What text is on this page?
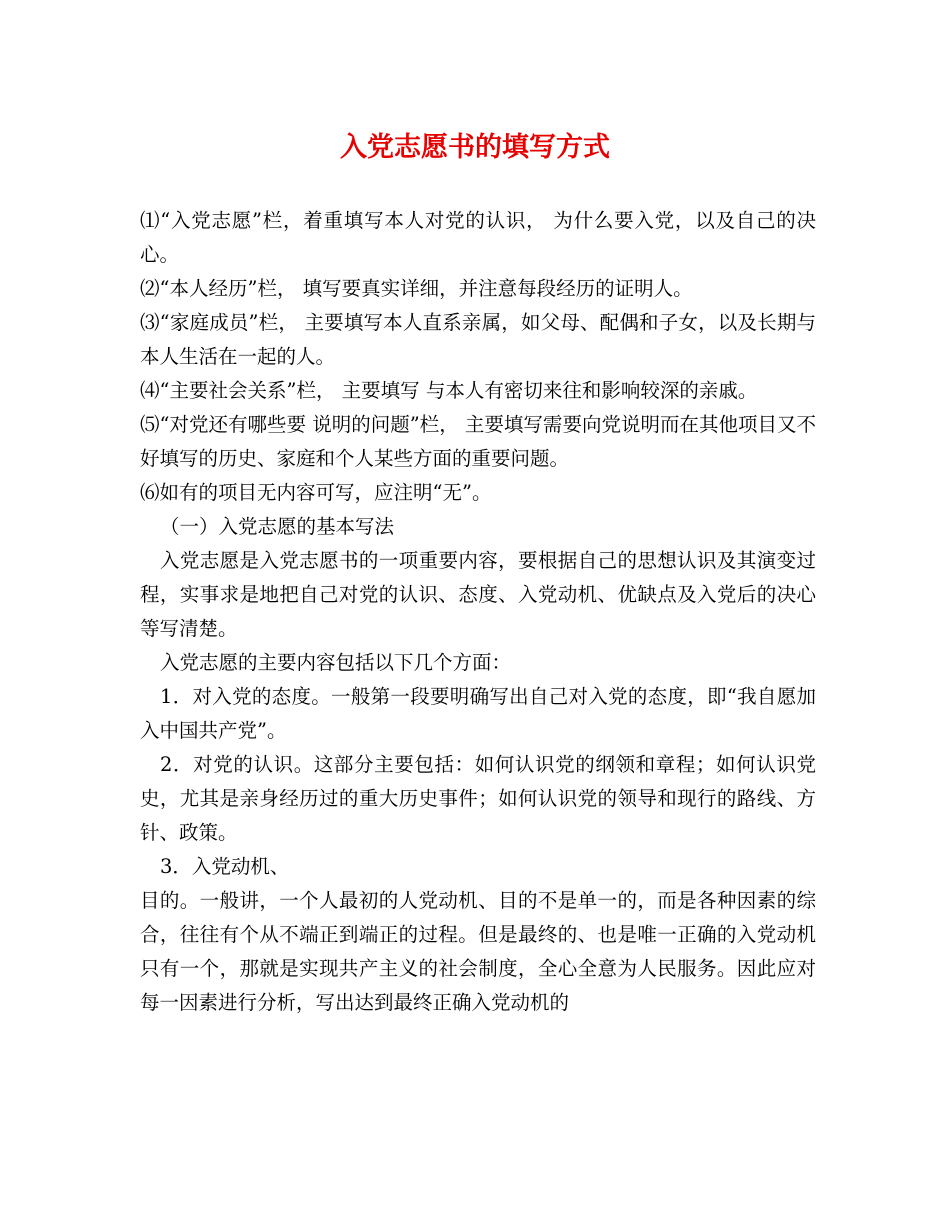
入党志愿书的填写方式

⑴“入党志愿”栏，着重填写本人对党的认识， 为什么要入党，以及自己的决心。

⑵“本人经历”栏， 填写要真实详细，并注意每段经历的证明人。

⑶“家庭成员”栏， 主要填写本人直系亲属，如父母、配偶和子女，以及长期与本人生活在一起的人。

⑷“主要社会关系”栏， 主要填写 与本人有密切来往和影响较深的亲戚。

⑸“对党还有哪些要 说明的问题”栏， 主要填写需要向党说明而在其他项目又不好填写的历史、家庭和个人某些方面的重要问题。

⑹如有的项目无内容可写，应注明“无”。

（一）入党志愿的基本写法

入党志愿是入党志愿书的一项重要内容，要根据自己的思想认识及其演变过程，实事求是地把自己对党的认识、态度、入党动机、优缺点及入党后的决心等写清楚。

入党志愿的主要内容包括以下几个方面：

1．对入党的态度。一般第一段要明确写出自己对入党的态度，即“我自愿加入中国共产党”。

2．对党的认识。这部分主要包括：如何认识党的纲领和章程；如何认识党史，尤其是亲身经历过的重大历史事件；如何认识党的领导和现行的路线、方针、政策。

3．入党动机、

目的。一般讲，一个人最初的人党动机、目的不是单一的，而是各种因素的综合，往往有个从不端正到端正的过程。但是最终的、也是唯一正确的入党动机只有一个，那就是实现共产主义的社会制度，全心全意为人民服务。因此应对每一因素进行分析，写出达到最终正确入党动机的
